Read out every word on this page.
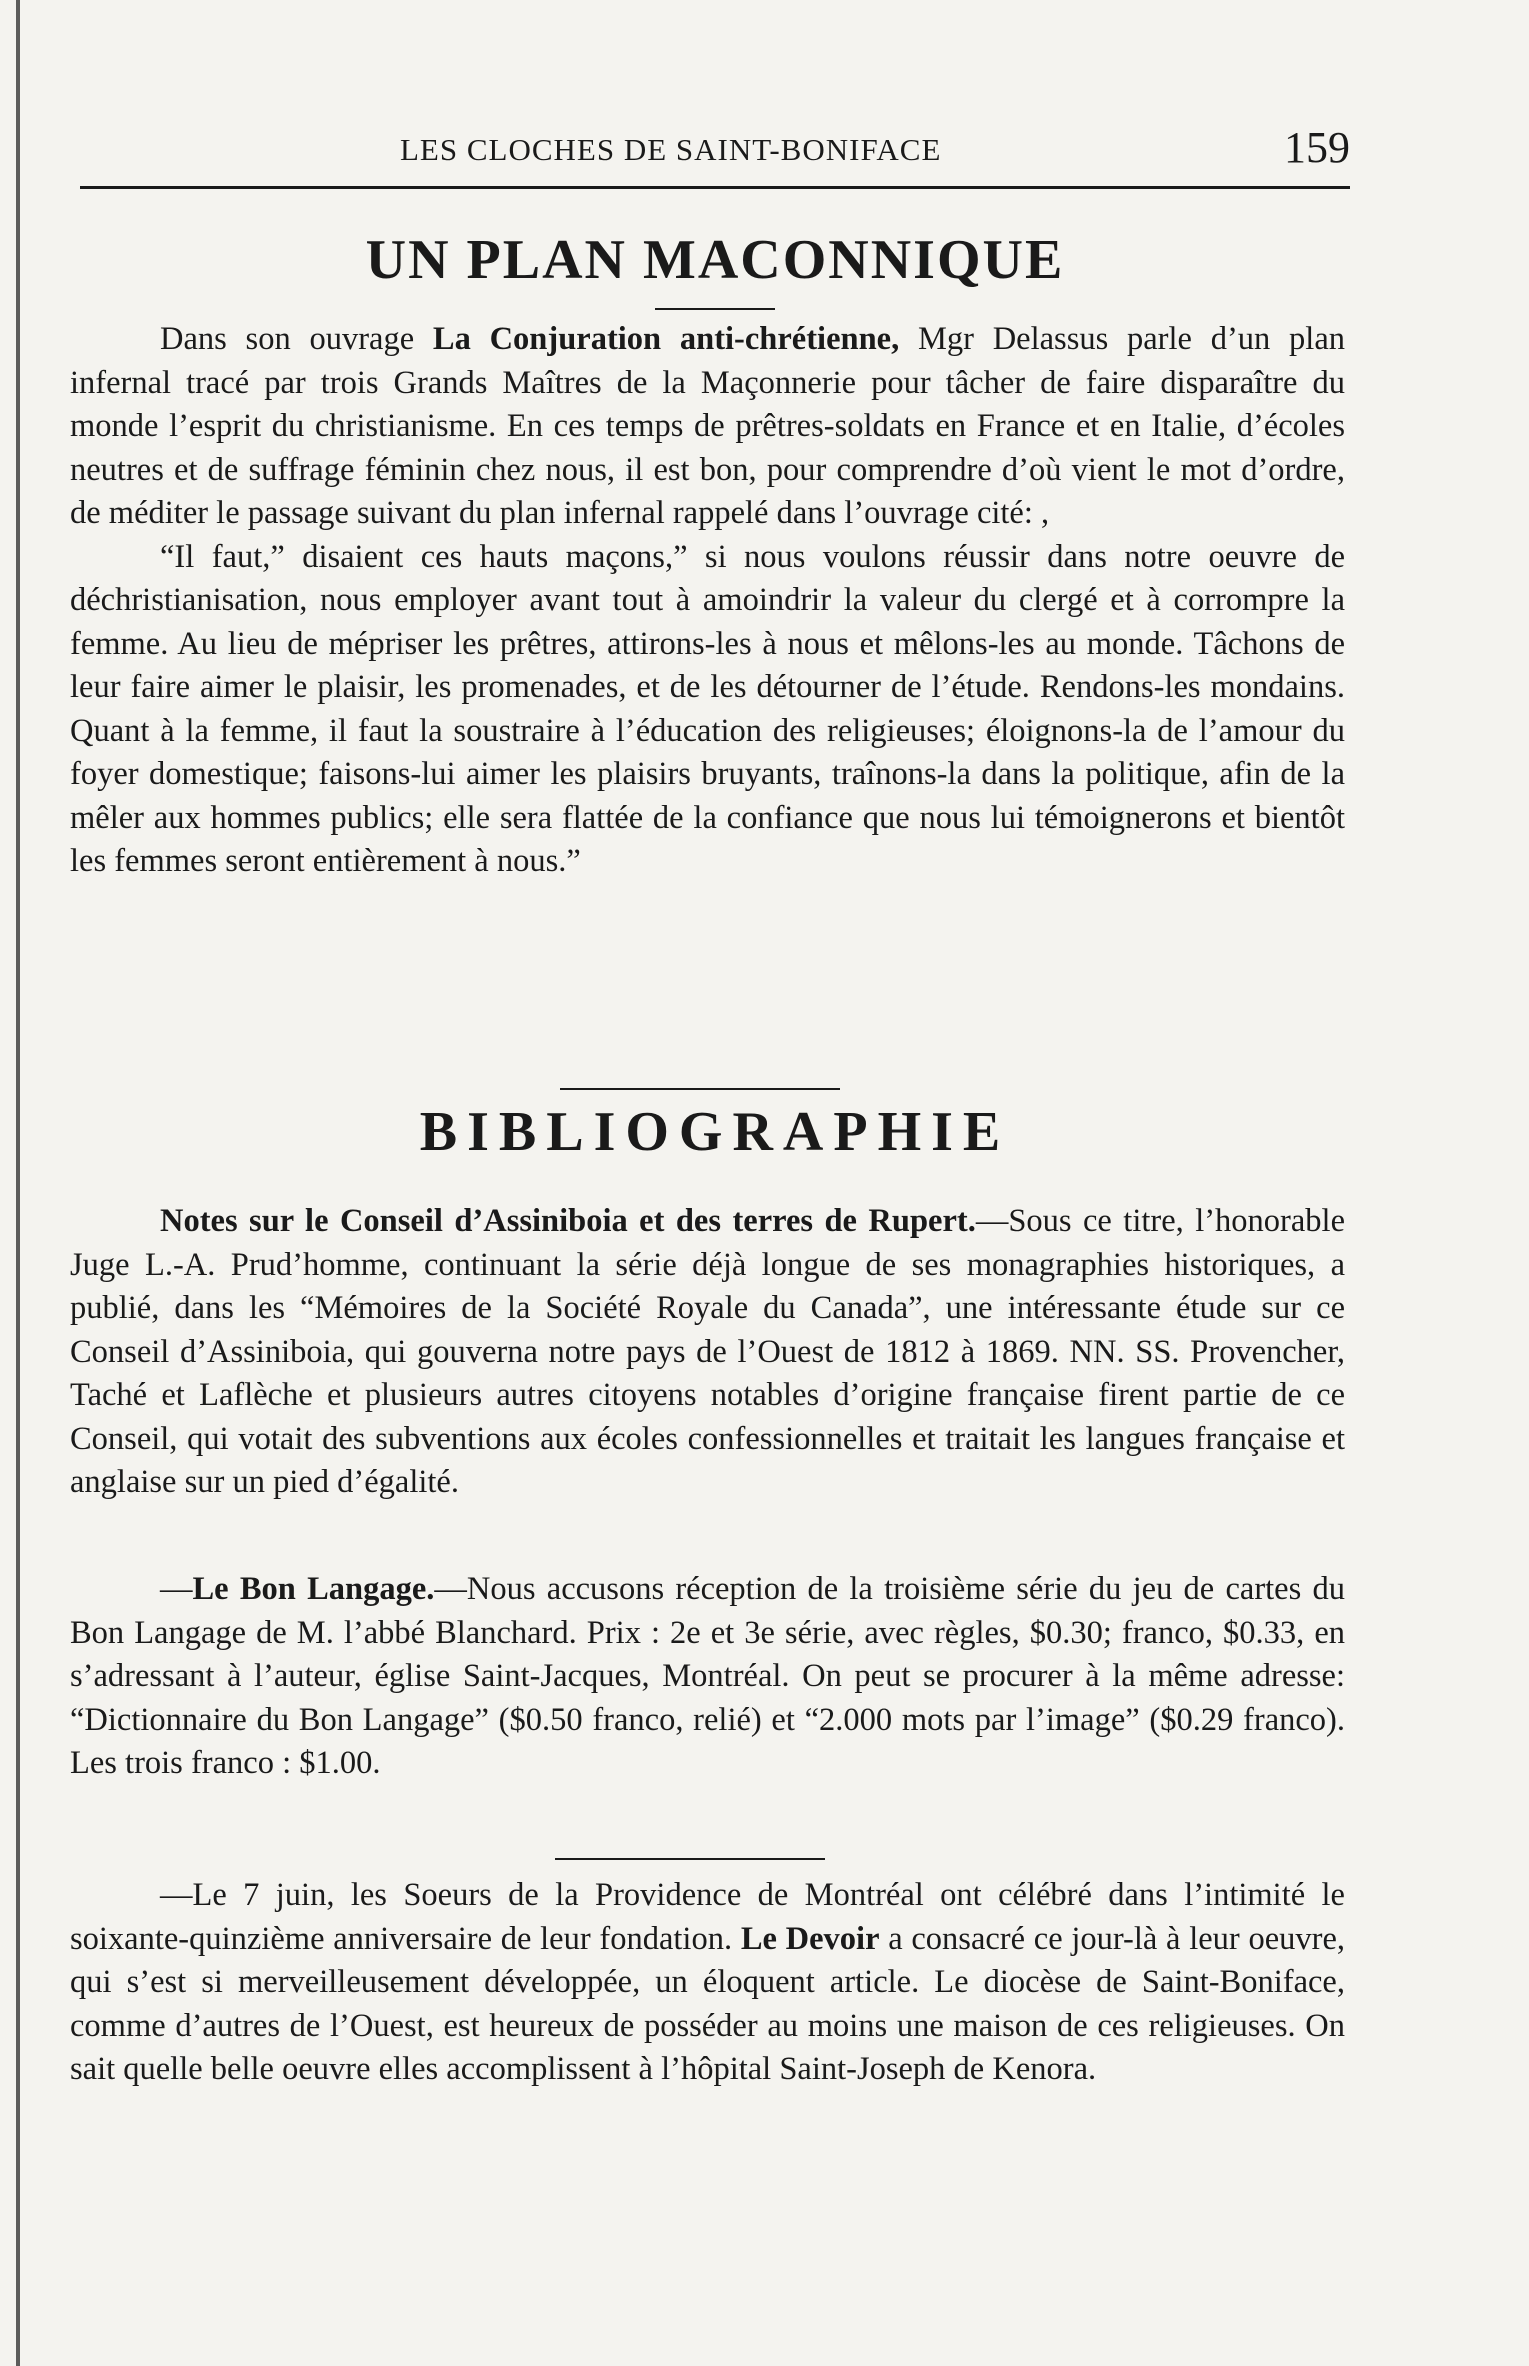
LES CLOCHES DE SAINT-BONIFACE	159
UN PLAN MACONNIQUE
Dans son ouvrage La Conjuration anti-chrétienne, Mgr Delassus parle d’un plan infernal tracé par trois Grands Maîtres de la Maçonnerie pour tâcher de faire disparaître du monde l’esprit du christianisme. En ces temps de prêtres-soldats en France et en Italie, d’écoles neutres et de suffrage féminin chez nous, il est bon, pour comprendre d’où vient le mot d’ordre, de méditer le passage suivant du plan infernal rappelé dans l’ouvrage cité: ,
“Il faut,” disaient ces hauts maçons,” si nous voulons réussir dans notre oeuvre de déchristianisation, nous employer avant tout à amoindrir la valeur du clergé et à corrompre la femme. Au lieu de mépriser les prêtres, attirons-les à nous et mêlons-les au monde. Tâchons de leur faire aimer le plaisir, les promenades, et de les détourner de l’étude. Rendons-les mondains. Quant à la femme, il faut la soustraire à l’éducation des religieuses; éloignons-la de l’amour du foyer domestique; faisons-lui aimer les plaisirs bruyants, traînons-la dans la politique, afin de la mêler aux hommes publics; elle sera flattée de la confiance que nous lui témoignerons et bientôt les femmes seront entièrement à nous.”
BIBLIOGRAPHIE
Notes sur le Conseil d’Assiniboia et des terres de Rupert.—Sous ce titre, l’honorable Juge L.-A. Prud’homme, continuant la série déjà longue de ses monagraphies historiques, a publié, dans les “Mémoires de la Société Royale du Canada”, une intéressante étude sur ce Conseil d’Assiniboia, qui gouverna notre pays de l’Ouest de 1812 à 1869. NN. SS. Provencher, Taché et Laflèche et plusieurs autres citoyens notables d’origine française firent partie de ce Conseil, qui votait des subventions aux écoles confessionnelles et traitait les langues française et anglaise sur un pied d’égalité.
—Le Bon Langage.—Nous accusons réception de la troisième série du jeu de cartes du Bon Langage de M. l’abbé Blanchard. Prix : 2e et 3e série, avec règles, $0.30; franco, $0.33, en s’adressant à l’auteur, église Saint-Jacques, Montréal. On peut se procurer à la même adresse: “Dictionnaire du Bon Langage” ($0.50 franco, relié) et “2.000 mots par l’image” ($0.29 franco). Les trois franco : $1.00.
—Le 7 juin, les Soeurs de la Providence de Montréal ont célébré dans l’intimité le soixante-quinzième anniversaire de leur fondation. Le Devoir a consacré ce jour-là à leur oeuvre, qui s’est si merveilleusement développée, un éloquent article. Le diocèse de Saint-Boniface, comme d’autres de l’Ouest, est heureux de posséder au moins une maison de ces religieuses. On sait quelle belle oeuvre elles accomplissent à l’hôpital Saint-Joseph de Kenora.
